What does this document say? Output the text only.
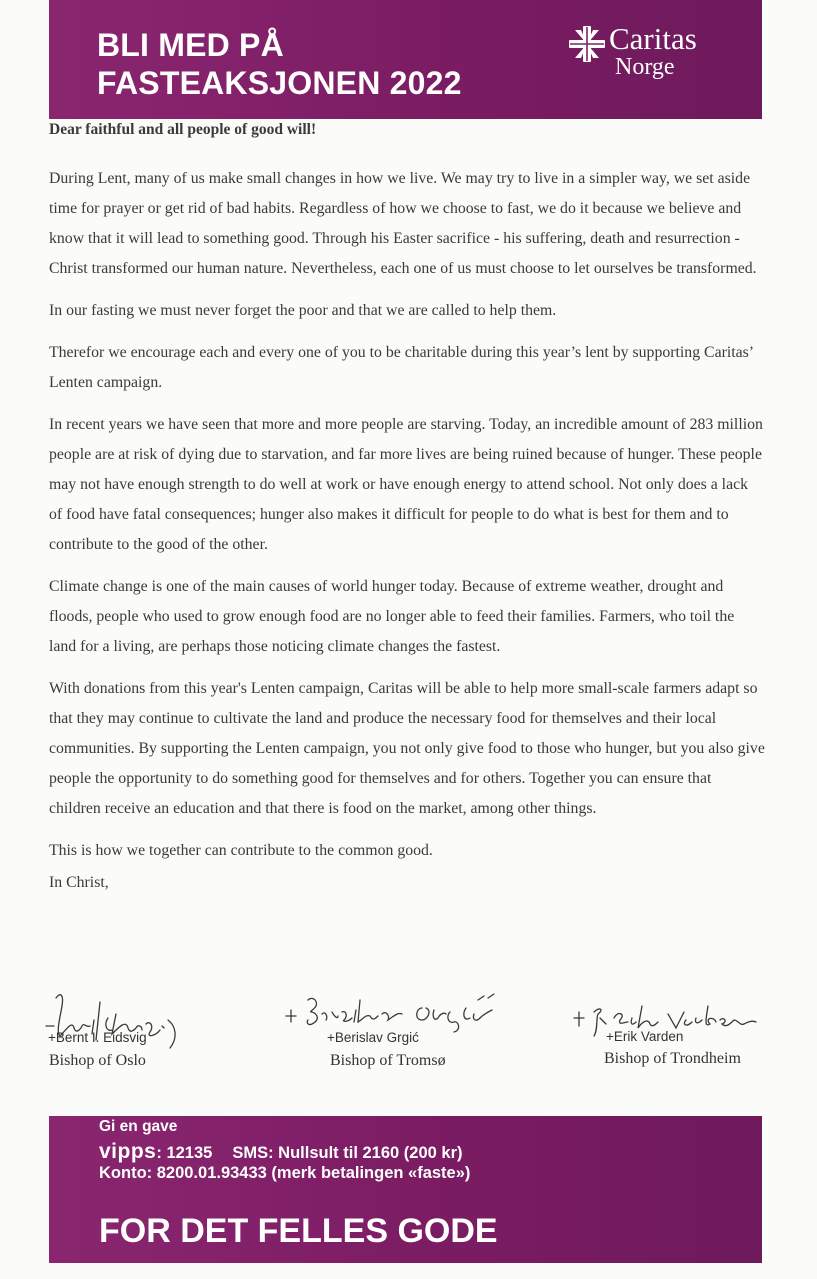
BLI MED PÅ
FASTEAKSJONEN 2022
Caritas
Norge

Dear faithful and all people of good will!

During Lent, many of us make small changes in how we live. We may try to live in a simpler way, we set aside time for prayer or get rid of bad habits. Regardless of how we choose to fast, we do it because we believe and know that it will lead to something good. Through his Easter sacrifice - his suffering, death and resurrection - Christ transformed our human nature. Nevertheless, each one of us must choose to let ourselves be transformed.

In our fasting we must never forget the poor and that we are called to help them.

Therefor we encourage each and every one of you to be charitable during this year’s lent by supporting Caritas’ Lenten campaign.

In recent years we have seen that more and more people are starving. Today, an incredible amount of 283 million people are at risk of dying due to starvation, and far more lives are being ruined because of hunger. These people may not have enough strength to do well at work or have enough energy to attend school. Not only does a lack of food have fatal consequences; hunger also makes it difficult for people to do what is best for them and to contribute to the good of the other.

Climate change is one of the main causes of world hunger today. Because of extreme weather, drought and floods, people who used to grow enough food are no longer able to feed their families. Farmers, who toil the land for a living, are perhaps those noticing climate changes the fastest.

With donations from this year's Lenten campaign, Caritas will be able to help more small-scale farmers adapt so that they may continue to cultivate the land and produce the necessary food for themselves and their local communities. By supporting the Lenten campaign, you not only give food to those who hunger, but you also give people the opportunity to do something good for themselves and for others. Together you can ensure that children receive an education and that there is food on the market, among other things.

This is how we together can contribute to the common good.

In Christ,

+Bernt I. Eidsvig
Bishop of Oslo
+Berislav Grgić
Bishop of Tromsø
+Erik Varden
Bishop of Trondheim
Gi en gave
vipps: 12135 SMS: Nullsult til 2160 (200 kr)
Konto: 8200.01.93433 (merk betalingen «faste»)
FOR DET FELLES GODE
